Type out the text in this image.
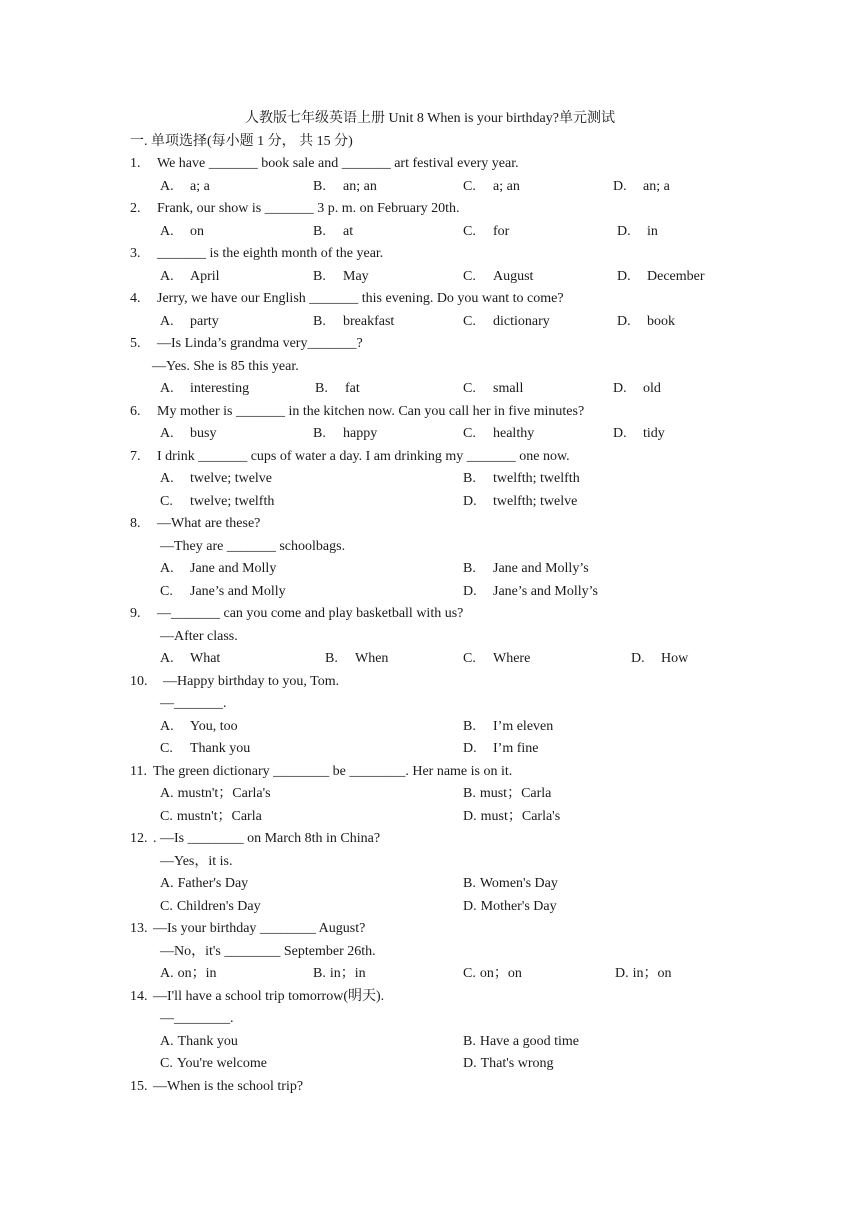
人教版七年级英语上册 Unit 8 When is your birthday?单元测试
一. 单项选择(每小题 1 分， 共 15 分)
1. We have _______ book sale and _______ art festival every year.
A. a; a	B. an; an	C. a; an	D. an; a
2. Frank, our show is _______ 3 p. m. on February 20th.
A. on	B. at	C. for	D. in
3. _______ is the eighth month of the year.
A. April	B. May	C. August	D. December
4. Jerry, we have our English _______ this evening. Do you want to come?
A. party	B. breakfast	C. dictionary	D. book
5. —Is Linda’s grandma very_______?
—Yes. She is 85 this year.
A. interesting	B. fat	C. small	D. old
6. My mother is _______ in the kitchen now. Can you call her in five minutes?
A. busy	B. happy	C. healthy	D. tidy
7. I drink _______ cups of water a day. I am drinking my _______ one now.
A. twelve; twelve	B. twelfth; twelfth
C. twelve; twelfth	D. twelfth; twelve
8. —What are these?
—They are _______ schoolbags.
A. Jane and Molly	B. Jane and Molly’s
C. Jane’s and Molly	D. Jane’s and Molly’s
9. —_______ can you come and play basketball with us?
—After class.
A. What	B. When	C. Where	D. How
10. —Happy birthday to you, Tom.
—_______.
A. You, too	B. I’m eleven
C. Thank you	D. I’m fine
11. The green dictionary ________ be ________. Her name is on it.
A. mustn't；Carla's	B. must；Carla
C. mustn't；Carla	D. must；Carla's
12. . —Is ________ on March 8th in China?
—Yes，it is.
A. Father's Day	B. Women's Day
C. Children's Day	D. Mother's Day
13. —Is your birthday ________ August?
—No，it's ________ September 26th.
A. on；in	B. in；in	C. on；on	D. in；on
14. —I'll have a school trip tomorrow(明天).
—________.
A. Thank you	B. Have a good time
C. You're welcome	D. That's wrong
15. —When is the school trip?
